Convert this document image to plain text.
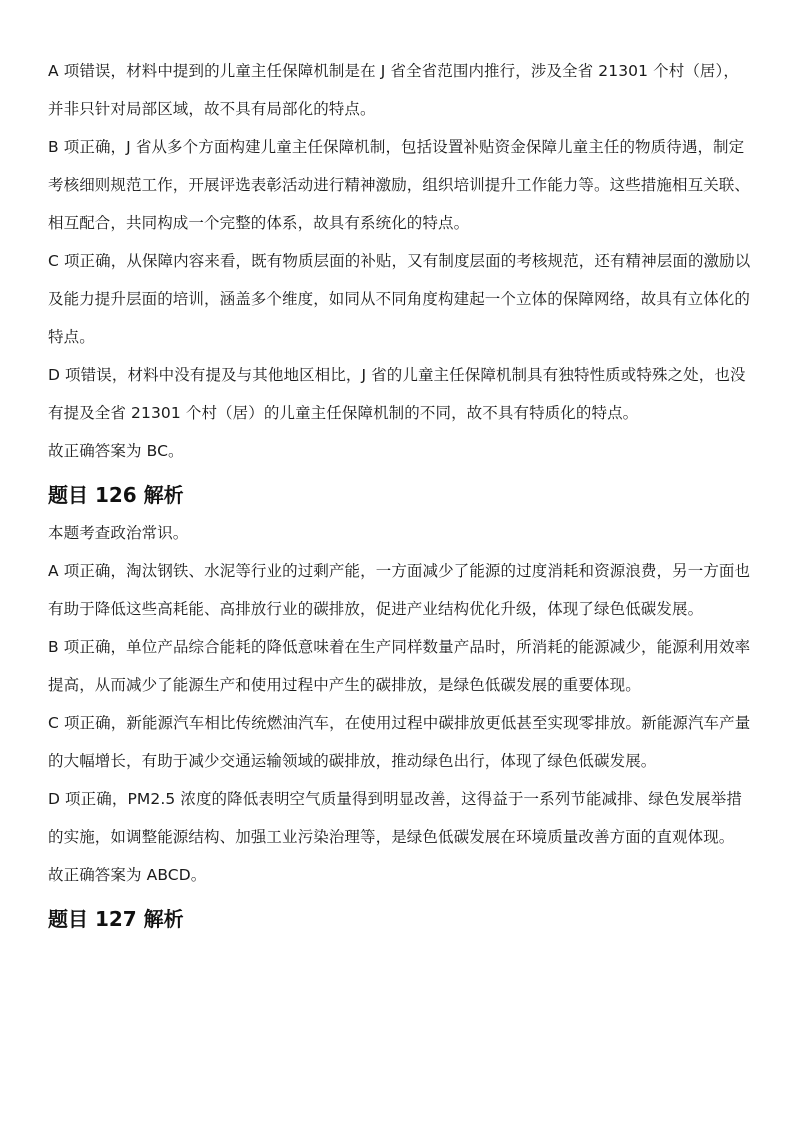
A 项错误，材料中提到的儿童主任保障机制是在 J 省全省范围内推行，涉及全省 21301 个村（居），并非只针对局部区域，故不具有局部化的特点。

B 项正确，J 省从多个方面构建儿童主任保障机制，包括设置补贴资金保障儿童主任的物质待遇，制定考核细则规范工作，开展评选表彰活动进行精神激励，组织培训提升工作能力等。这些措施相互关联、相互配合，共同构成一个完整的体系，故具有系统化的特点。

C 项正确，从保障内容来看，既有物质层面的补贴，又有制度层面的考核规范，还有精神层面的激励以及能力提升层面的培训，涵盖多个维度，如同从不同角度构建起一个立体的保障网络，故具有立体化的特点。

D 项错误，材料中没有提及与其他地区相比，J 省的儿童主任保障机制具有独特性质或特殊之处，也没有提及全省 21301 个村（居）的儿童主任保障机制的不同，故不具有特质化的特点。

故正确答案为 BC。

题目 126 解析

本题考查政治常识。

A 项正确，淘汰钢铁、水泥等行业的过剩产能，一方面减少了能源的过度消耗和资源浪费，另一方面也有助于降低这些高耗能、高排放行业的碳排放，促进产业结构优化升级，体现了绿色低碳发展。

B 项正确，单位产品综合能耗的降低意味着在生产同样数量产品时，所消耗的能源减少，能源利用效率提高，从而减少了能源生产和使用过程中产生的碳排放，是绿色低碳发展的重要体现。

C 项正确，新能源汽车相比传统燃油汽车，在使用过程中碳排放更低甚至实现零排放。新能源汽车产量的大幅增长，有助于减少交通运输领域的碳排放，推动绿色出行，体现了绿色低碳发展。

D 项正确，PM2.5 浓度的降低表明空气质量得到明显改善，这得益于一系列节能减排、绿色发展举措的实施，如调整能源结构、加强工业污染治理等，是绿色低碳发展在环境质量改善方面的直观体现。

故正确答案为 ABCD。

题目 127 解析
